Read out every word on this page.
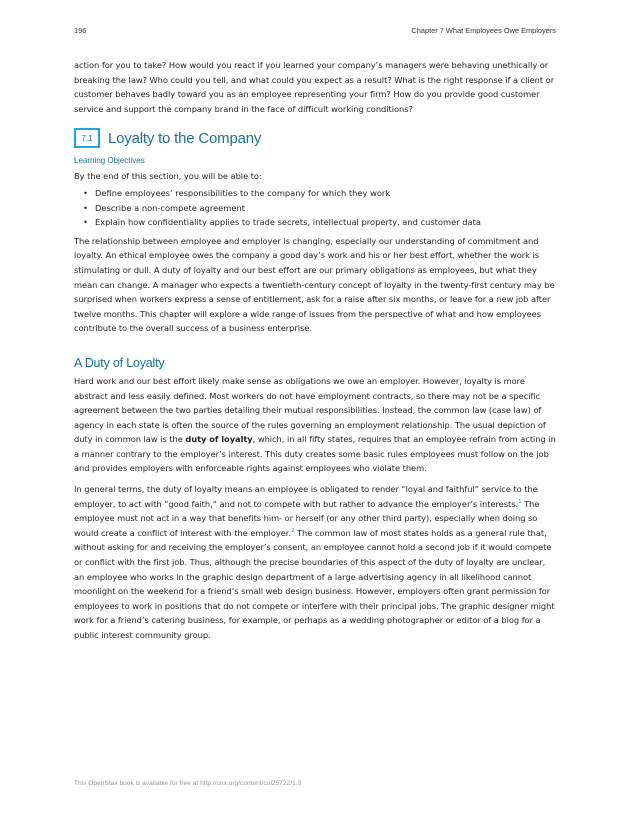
196	Chapter 7 What Employees Owe Employers

action for you to take? How would you react if you learned your company’s managers were behaving unethically or breaking the law? Who could you tell, and what could you expect as a result? What is the right response if a client or customer behaves badly toward you as an employee representing your firm? How do you provide good customer service and support the company brand in the face of difficult working conditions?

7.1	Loyalty to the Company
Learning Objectives

By the end of this section, you will be able to:

• Define employees’ responsibilities to the company for which they work
• Describe a non-compete agreement
• Explain how confidentiality applies to trade secrets, intellectual property, and customer data

The relationship between employee and employer is changing, especially our understanding of commitment and loyalty. An ethical employee owes the company a good day’s work and his or her best effort, whether the work is stimulating or dull. A duty of loyalty and our best effort are our primary obligations as employees, but what they mean can change. A manager who expects a twentieth-century concept of loyalty in the twenty-first century may be surprised when workers express a sense of entitlement, ask for a raise after six months, or leave for a new job after twelve months. This chapter will explore a wide range of issues from the perspective of what and how employees contribute to the overall success of a business enterprise.

A Duty of Loyalty

Hard work and our best effort likely make sense as obligations we owe an employer. However, loyalty is more abstract and less easily defined. Most workers do not have employment contracts, so there may not be a specific agreement between the two parties detailing their mutual responsibilities. Instead, the common law (case law) of agency in each state is often the source of the rules governing an employment relationship. The usual depiction of duty in common law is the duty of loyalty, which, in all fifty states, requires that an employee refrain from acting in a manner contrary to the employer’s interest. This duty creates some basic rules employees must follow on the job and provides employers with enforceable rights against employees who violate them.

In general terms, the duty of loyalty means an employee is obligated to render “loyal and faithful” service to the employer, to act with “good faith,” and not to compete with but rather to advance the employer’s interests.$^1$ The employee must not act in a way that benefits him- or herself (or any other third party), especially when doing so would create a conflict of interest with the employer.$^2$ The common law of most states holds as a general rule that, without asking for and receiving the employer’s consent, an employee cannot hold a second job if it would compete or conflict with the first job. Thus, although the precise boundaries of this aspect of the duty of loyalty are unclear, an employee who works in the graphic design department of a large advertising agency in all likelihood cannot moonlight on the weekend for a friend’s small web design business. However, employers often grant permission for employees to work in positions that do not compete or interfere with their principal jobs. The graphic designer might work for a friend’s catering business, for example, or perhaps as a wedding photographer or editor of a blog for a public interest community group.

This OpenStax book is available for free at http://cnx.org/content/col25722/1.3
